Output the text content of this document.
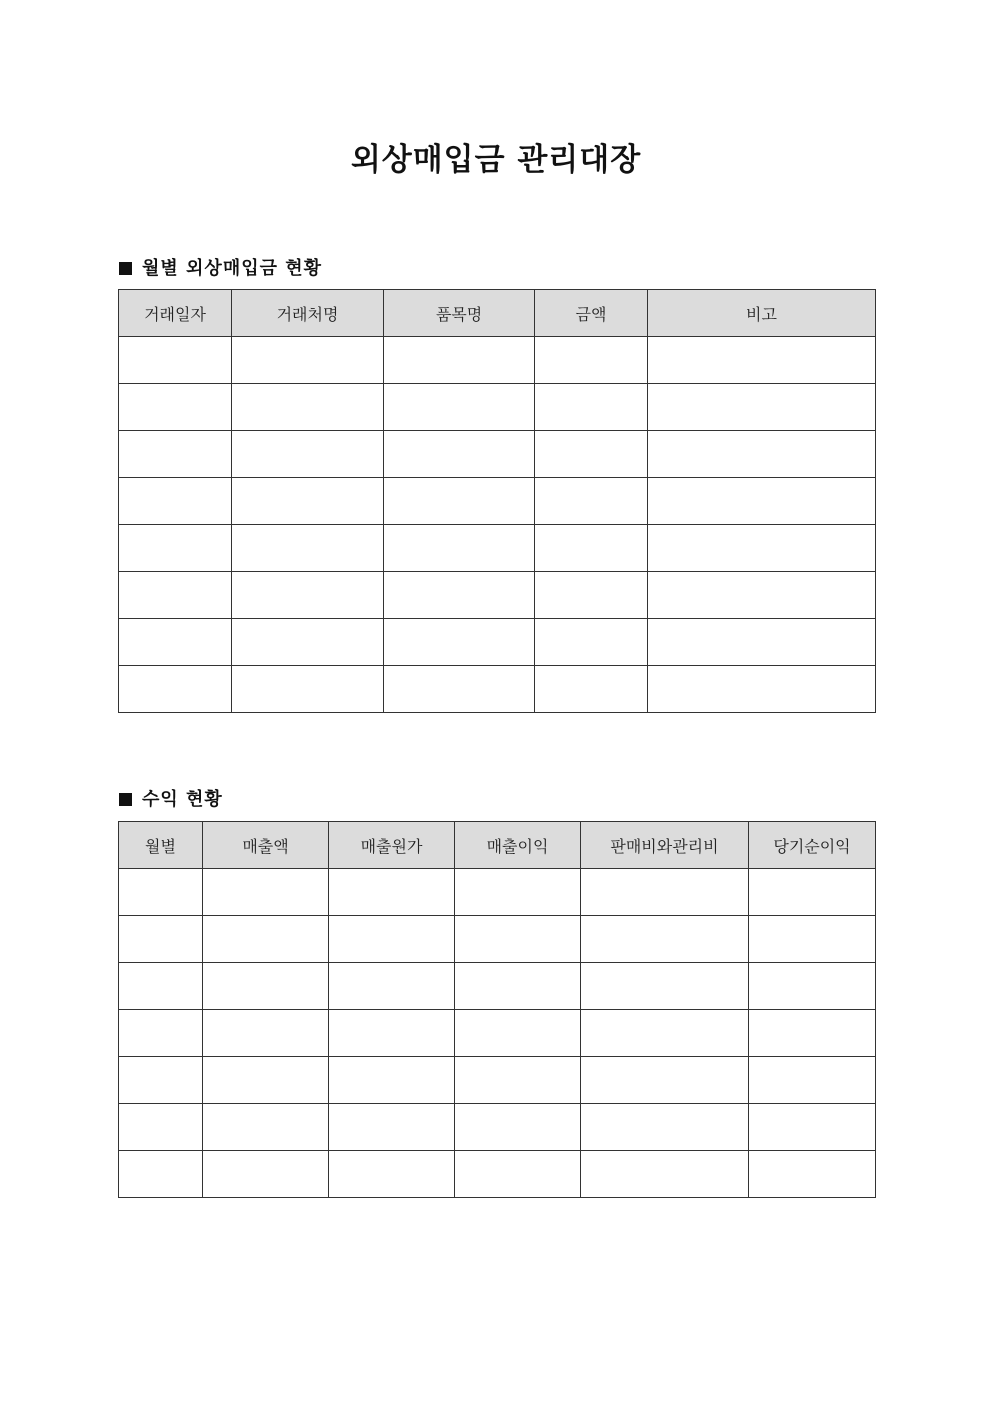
외상매입금 관리대장
월별 외상매입금 현황
거래일자	거래처명	품목명	금액	비고

수익 현황
월별	매출액	매출원가	매출이익	판매비와관리비	당기순이익
